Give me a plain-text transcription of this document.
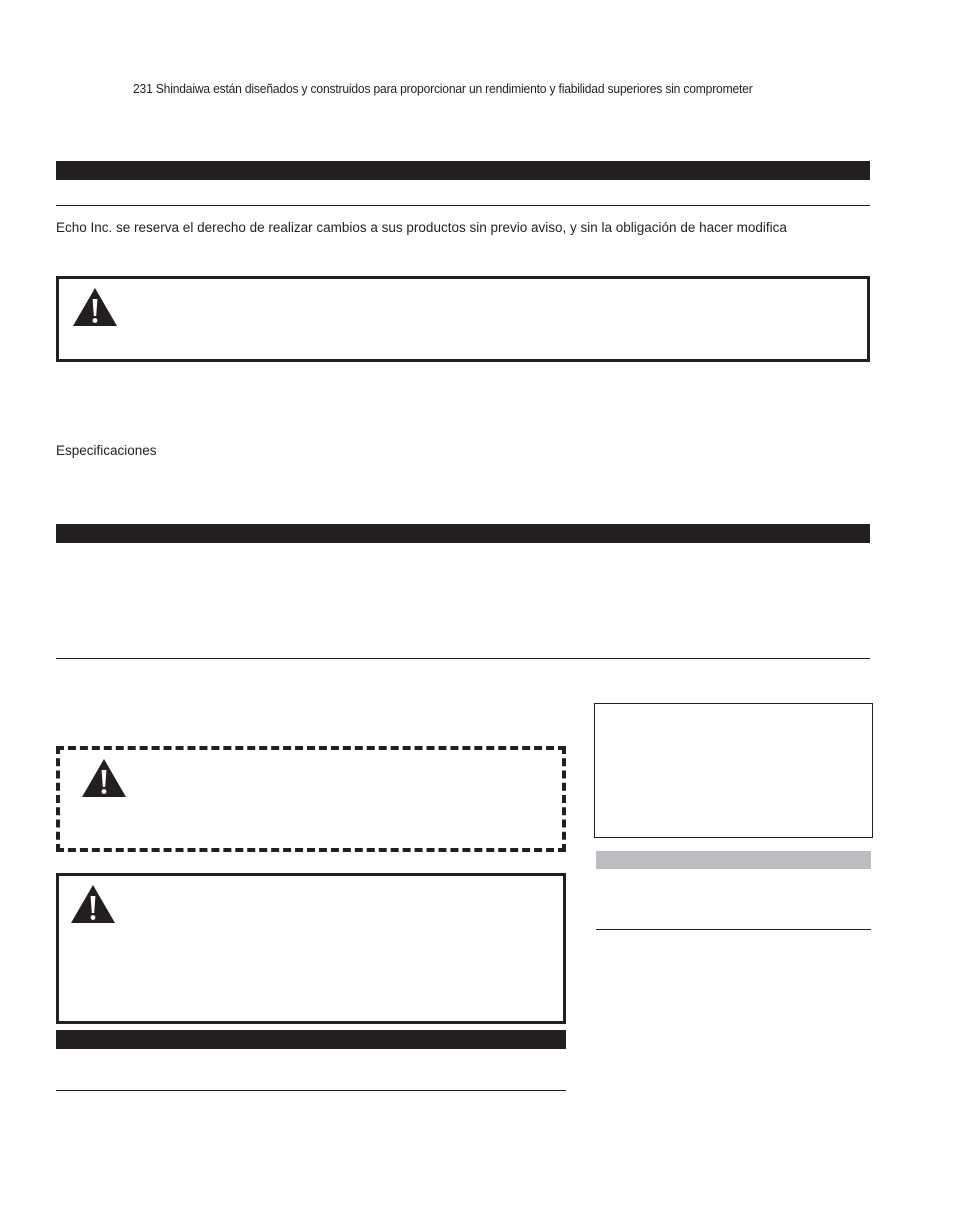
231 Shindaiwa están diseñados y construidos para proporcionar un rendimiento y fiabilidad superiores sin comprometer
Echo Inc. se reserva el derecho de realizar cambios a sus productos sin previo aviso, y sin la obligación de hacer modifica
Especificaciones
